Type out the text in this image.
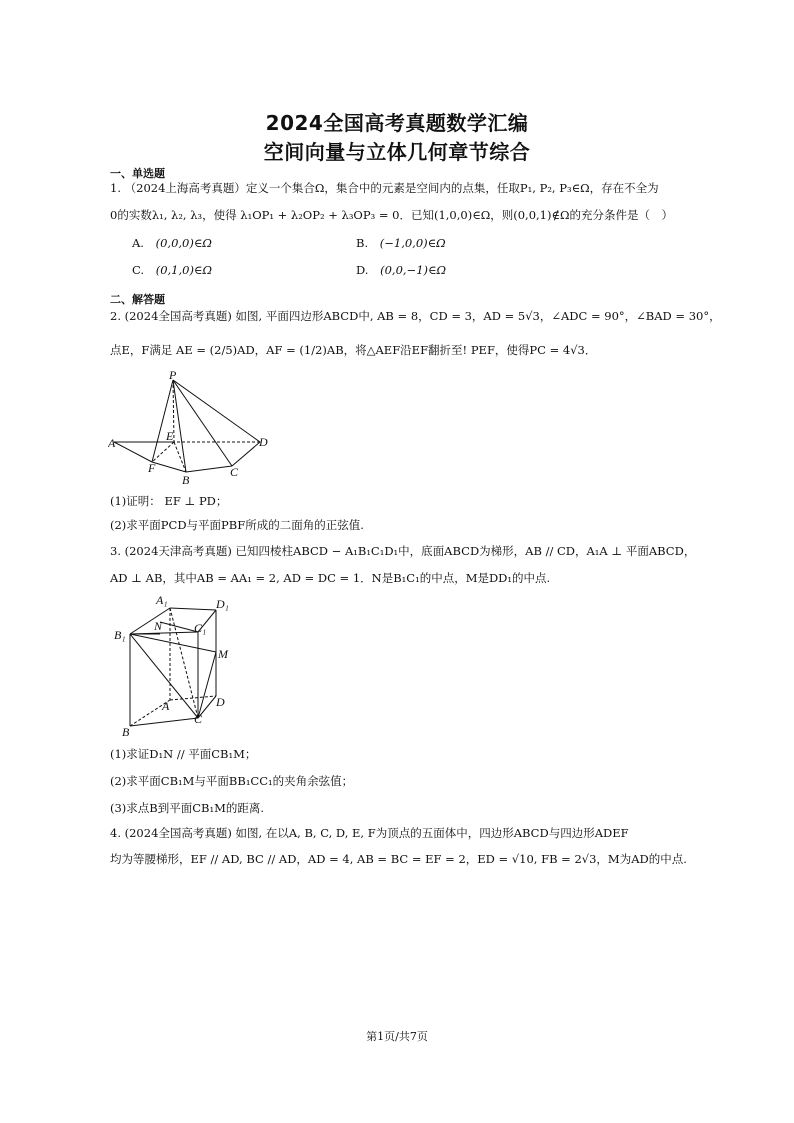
2024全国高考真题数学汇编
空间向量与立体几何章节综合
一、单选题
1. （2024上海高考真题）定义一个集合Ω，集合中的元素是空间内的点集，任取P₁, P₂, P₃∈Ω，存在不全为
0的实数λ₁, λ₂, λ₃，使得 λ₁OP₁ + λ₂OP₂ + λ₃OP₃ = 0．已知(1,0,0)∈Ω，则(0,0,1)∉Ω的充分条件是（　）
A. (0,0,0)∈Ω	B. (−1,0,0)∈Ω
C. (0,1,0)∈Ω	D. (0,0,−1)∈Ω
二、解答题
2. (2024全国高考真题) 如图, 平面四边形ABCD中, AB = 8，CD = 3，AD = 5√3，∠ADC = 90°，∠BAD = 30°，
点E，F满足 AE = (2/5)AD，AF = (1/2)AB，将△AEF沿EF翻折至! PEF，使得PC = 4√3．
P
A	E	D
F
B
C
(1)证明： EF ⊥ PD；
(2)求平面PCD与平面PBF所成的二面角的正弦值.
3. (2024天津高考真题) 已知四棱柱ABCD − A₁B₁C₁D₁中，底面ABCD为梯形，AB // CD，A₁A ⊥ 平面ABCD，
AD ⊥ AB，其中AB = AA₁ = 2, AD = DC = 1．N是B₁C₁的中点，M是DD₁的中点.
A₁	D₁
B₁
N	C₁
M
A	D
B
C
(1)求证D₁N // 平面CB₁M；
(2)求平面CB₁M与平面BB₁CC₁的夹角余弦值；
(3)求点B到平面CB₁M的距离.
4. (2024全国高考真题) 如图, 在以A, B, C, D, E, F为顶点的五面体中，四边形ABCD与四边形ADEF
均为等腰梯形，EF // AD, BC // AD，AD = 4, AB = BC = EF = 2，ED = √10, FB = 2√3，M为AD的中点.
第1页/共7页
